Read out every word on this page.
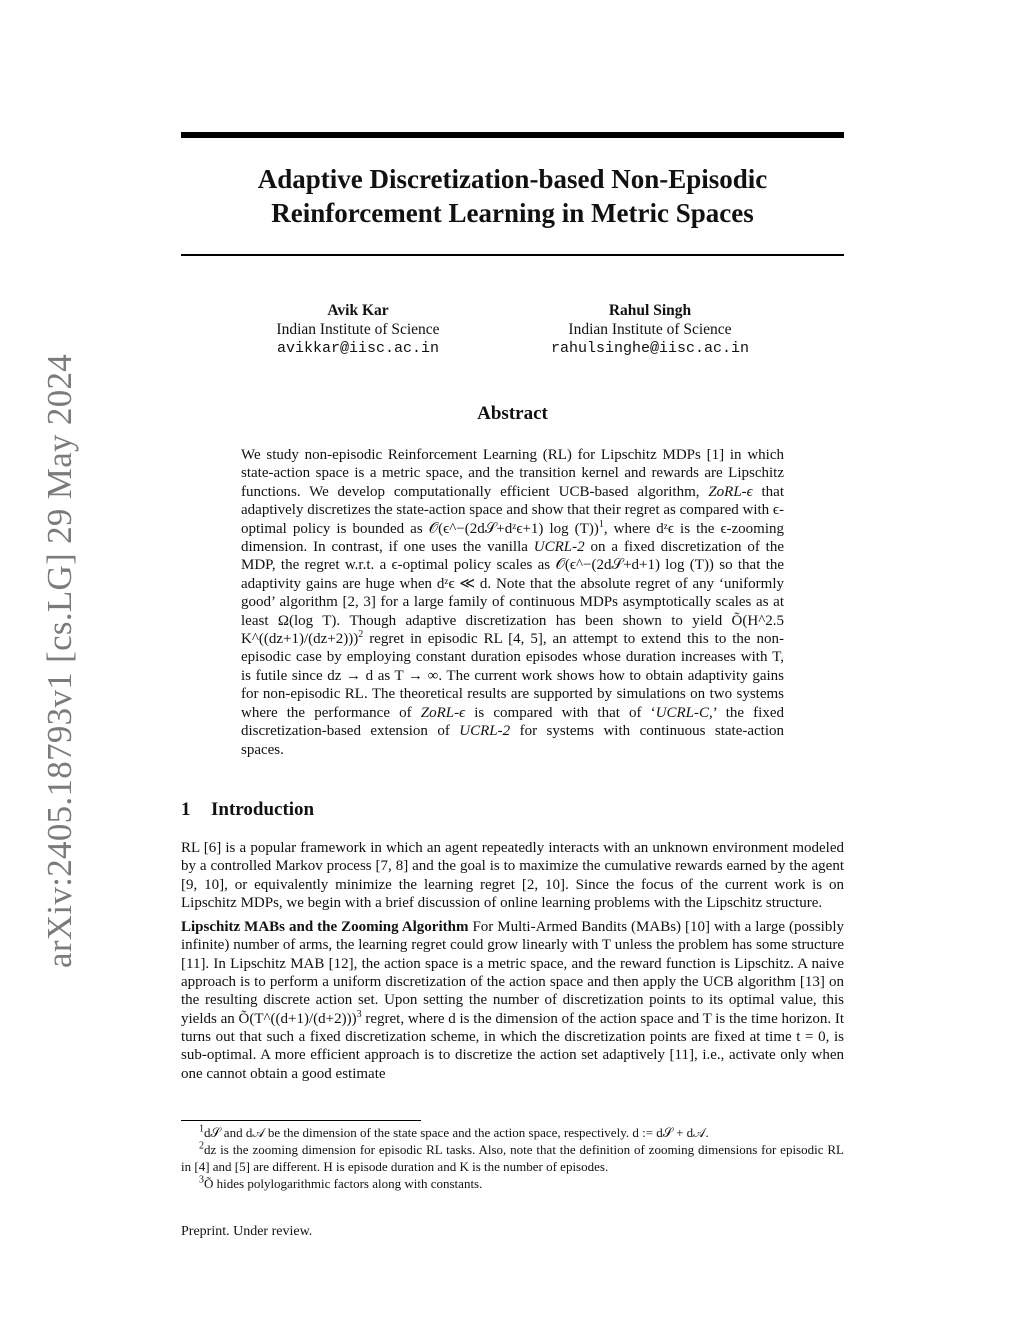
arXiv:2405.18793v1 [cs.LG] 29 May 2024
Adaptive Discretization-based Non-Episodic
Reinforcement Learning in Metric Spaces
Avik Kar
Indian Institute of Science
avikkar@iisc.ac.in
Rahul Singh
Indian Institute of Science
rahulsinghe@iisc.ac.in
Abstract

We study non-episodic Reinforcement Learning (RL) for Lipschitz MDPs [1] in which state-action space is a metric space, and the transition kernel and rewards are Lipschitz functions. We develop computationally efficient UCB-based algorithm, ZoRL-ϵ that adaptively discretizes the state-action space and show that their regret as compared with ϵ-optimal policy is bounded as 𝒪(ϵ^−(2d𝒮+dᶻϵ+1) log (T))$^1$, where dᶻϵ is the ϵ-zooming dimension. In contrast, if one uses the vanilla UCRL-2 on a fixed discretization of the MDP, the regret w.r.t. a ϵ-optimal policy scales as 𝒪(ϵ^−(2d𝒮+d+1) log (T)) so that the adaptivity gains are huge when dᶻϵ ≪ d. Note that the absolute regret of any ‘uniformly good’ algorithm [2, 3] for a large family of continuous MDPs asymptotically scales as at least Ω(log T). Though adaptive discretization has been shown to yield Õ(H^2.5 K^((dz+1)/(dz+2)))$^2$ regret in episodic RL [4, 5], an attempt to extend this to the non-episodic case by employing constant duration episodes whose duration increases with T, is futile since dz → d as T → ∞. The current work shows how to obtain adaptivity gains for non-episodic RL. The theoretical results are supported by simulations on two systems where the performance of ZoRL-ϵ is compared with that of ‘UCRL-C,’ the fixed discretization-based extension of UCRL-2 for systems with continuous state-action spaces.

1 Introduction

RL [6] is a popular framework in which an agent repeatedly interacts with an unknown environment modeled by a controlled Markov process [7, 8] and the goal is to maximize the cumulative rewards earned by the agent [9, 10], or equivalently minimize the learning regret [2, 10]. Since the focus of the current work is on Lipschitz MDPs, we begin with a brief discussion of online learning problems with the Lipschitz structure.

Lipschitz MABs and the Zooming Algorithm For Multi-Armed Bandits (MABs) [10] with a large (possibly infinite) number of arms, the learning regret could grow linearly with T unless the problem has some structure [11]. In Lipschitz MAB [12], the action space is a metric space, and the reward function is Lipschitz. A naive approach is to perform a uniform discretization of the action space and then apply the UCB algorithm [13] on the resulting discrete action set. Upon setting the number of discretization points to its optimal value, this yields an Õ(T^((d+1)/(d+2)))$^3$ regret, where d is the dimension of the action space and T is the time horizon. It turns out that such a fixed discretization scheme, in which the discretization points are fixed at time t = 0, is sub-optimal. A more efficient approach is to discretize the action set adaptively [11], i.e., activate only when one cannot obtain a good estimate

$^1$d𝒮 and d𝒜 be the dimension of the state space and the action space, respectively. d := d𝒮 + d𝒜.

$^2$dz is the zooming dimension for episodic RL tasks. Also, note that the definition of zooming dimensions for episodic RL in [4] and [5] are different. H is episode duration and K is the number of episodes.

$^3$Õ hides polylogarithmic factors along with constants.

Preprint. Under review.
